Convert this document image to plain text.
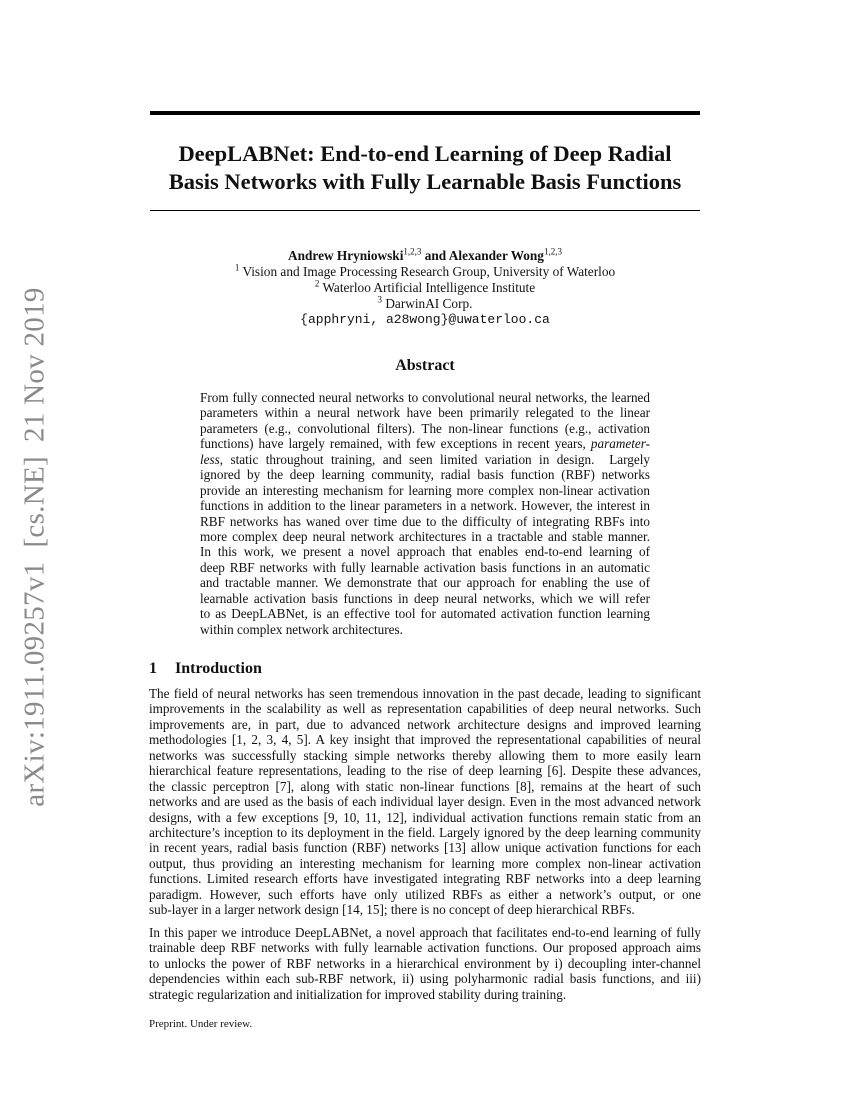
arXiv:1911.09257v1[cs.NE]21 Nov 2019
DeepLABNet: End-to-end Learning of Deep Radial
Basis Networks with Fully Learnable Basis Functions
Andrew Hryniowski$^{1,2,3}$ and Alexander Wong$^{1,2,3}$
$^1$ Vision and Image Processing Research Group, University of Waterloo
$^2$ Waterloo Artificial Intelligence Institute
$^3$ DarwinAI Corp.
{apphryni, a28wong}@uwaterloo.ca
Abstract
From fully connected neural networks to convolutional neural networks, the learned
parameters within a neural network have been primarily relegated to the linear
parameters (e.g., convolutional filters). The non-linear functions (e.g., activation
functions) have largely remained, with few exceptions in recent years, parameter-
less, static throughout training, and seen limited variation in design.  Largely
ignored by the deep learning community, radial basis function (RBF) networks
provide an interesting mechanism for learning more complex non-linear activation
functions in addition to the linear parameters in a network. However, the interest in
RBF networks has waned over time due to the difficulty of integrating RBFs into
more complex deep neural network architectures in a tractable and stable manner.
In this work, we present a novel approach that enables end-to-end learning of
deep RBF networks with fully learnable activation basis functions in an automatic
and tractable manner. We demonstrate that our approach for enabling the use of
learnable activation basis functions in deep neural networks, which we will refer
to as DeepLABNet, is an effective tool for automated activation function learning
within complex network architectures.
1 Introduction
The field of neural networks has seen tremendous innovation in the past decade, leading to significant
improvements in the scalability as well as representation capabilities of deep neural networks. Such
improvements are, in part, due to advanced network architecture designs and improved learning
methodologies [1, 2, 3, 4, 5]. A key insight that improved the representational capabilities of neural
networks was successfully stacking simple networks thereby allowing them to more easily learn
hierarchical feature representations, leading to the rise of deep learning [6]. Despite these advances,
the classic perceptron [7], along with static non-linear functions [8], remains at the heart of such
networks and are used as the basis of each individual layer design. Even in the most advanced network
designs, with a few exceptions [9, 10, 11, 12], individual activation functions remain static from an
architecture’s inception to its deployment in the field. Largely ignored by the deep learning community
in recent years, radial basis function (RBF) networks [13] allow unique activation functions for each
output, thus providing an interesting mechanism for learning more complex non-linear activation
functions. Limited research efforts have investigated integrating RBF networks into a deep learning
paradigm. However, such efforts have only utilized RBFs as either a network’s output, or one
sub-layer in a larger network design [14, 15]; there is no concept of deep hierarchical RBFs.
In this paper we introduce DeepLABNet, a novel approach that facilitates end-to-end learning of fully
trainable deep RBF networks with fully learnable activation functions. Our proposed approach aims
to unlocks the power of RBF networks in a hierarchical environment by i) decoupling inter-channel
dependencies within each sub-RBF network, ii) using polyharmonic radial basis functions, and iii)
strategic regularization and initialization for improved stability during training.
Preprint. Under review.
